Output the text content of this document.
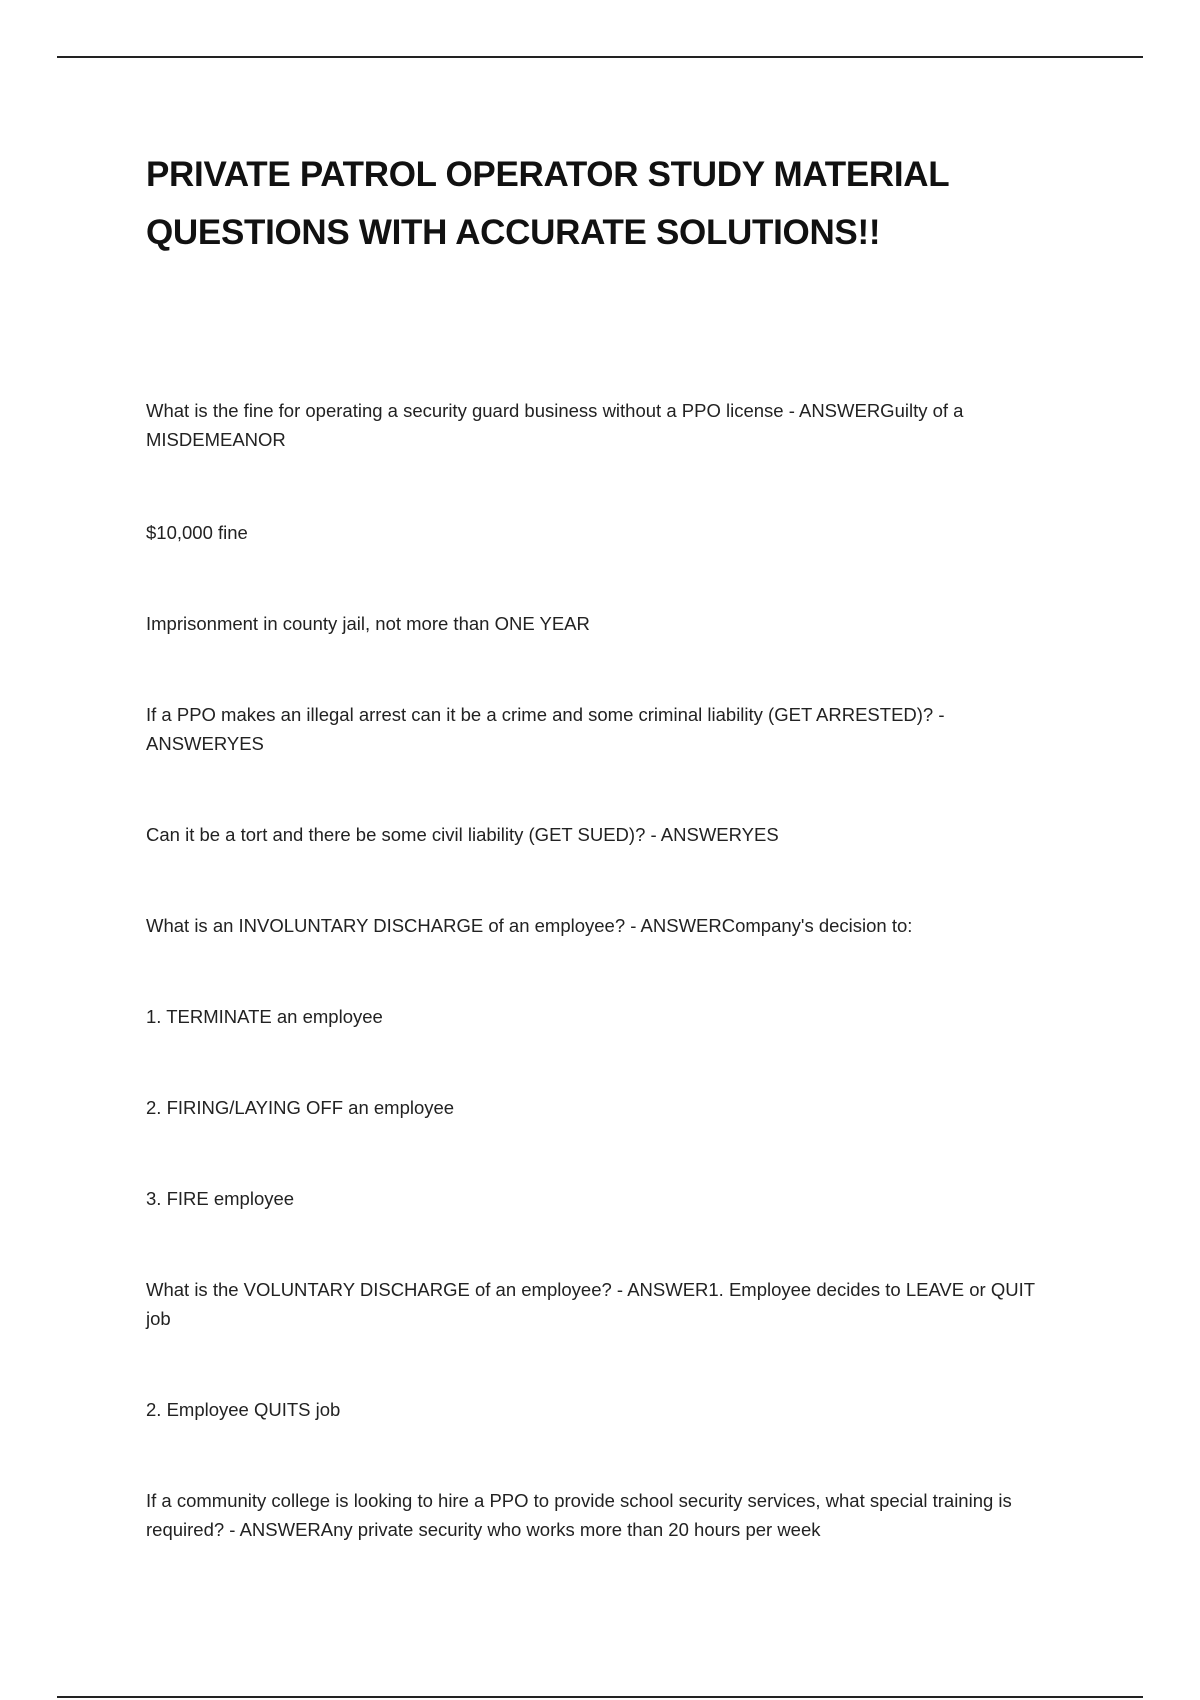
PRIVATE PATROL OPERATOR STUDY MATERIAL
QUESTIONS WITH ACCURATE SOLUTIONS!!

What is the fine for operating a security guard business without a PPO license - ANSWERGuilty of a MISDEMEANOR

$10,000 fine

Imprisonment in county jail, not more than ONE YEAR

If a PPO makes an illegal arrest can it be a crime and some criminal liability (GET ARRESTED)? - ANSWERYES

Can it be a tort and there be some civil liability (GET SUED)? - ANSWERYES

What is an INVOLUNTARY DISCHARGE of an employee? - ANSWERCompany's decision to:

1. TERMINATE an employee

2. FIRING/LAYING OFF an employee

3. FIRE employee

What is the VOLUNTARY DISCHARGE of an employee? - ANSWER1. Employee decides to LEAVE or QUIT job

2. Employee QUITS job

If a community college is looking to hire a PPO to provide school security services, what special training is required? - ANSWERAny private security who works more than 20 hours per week
